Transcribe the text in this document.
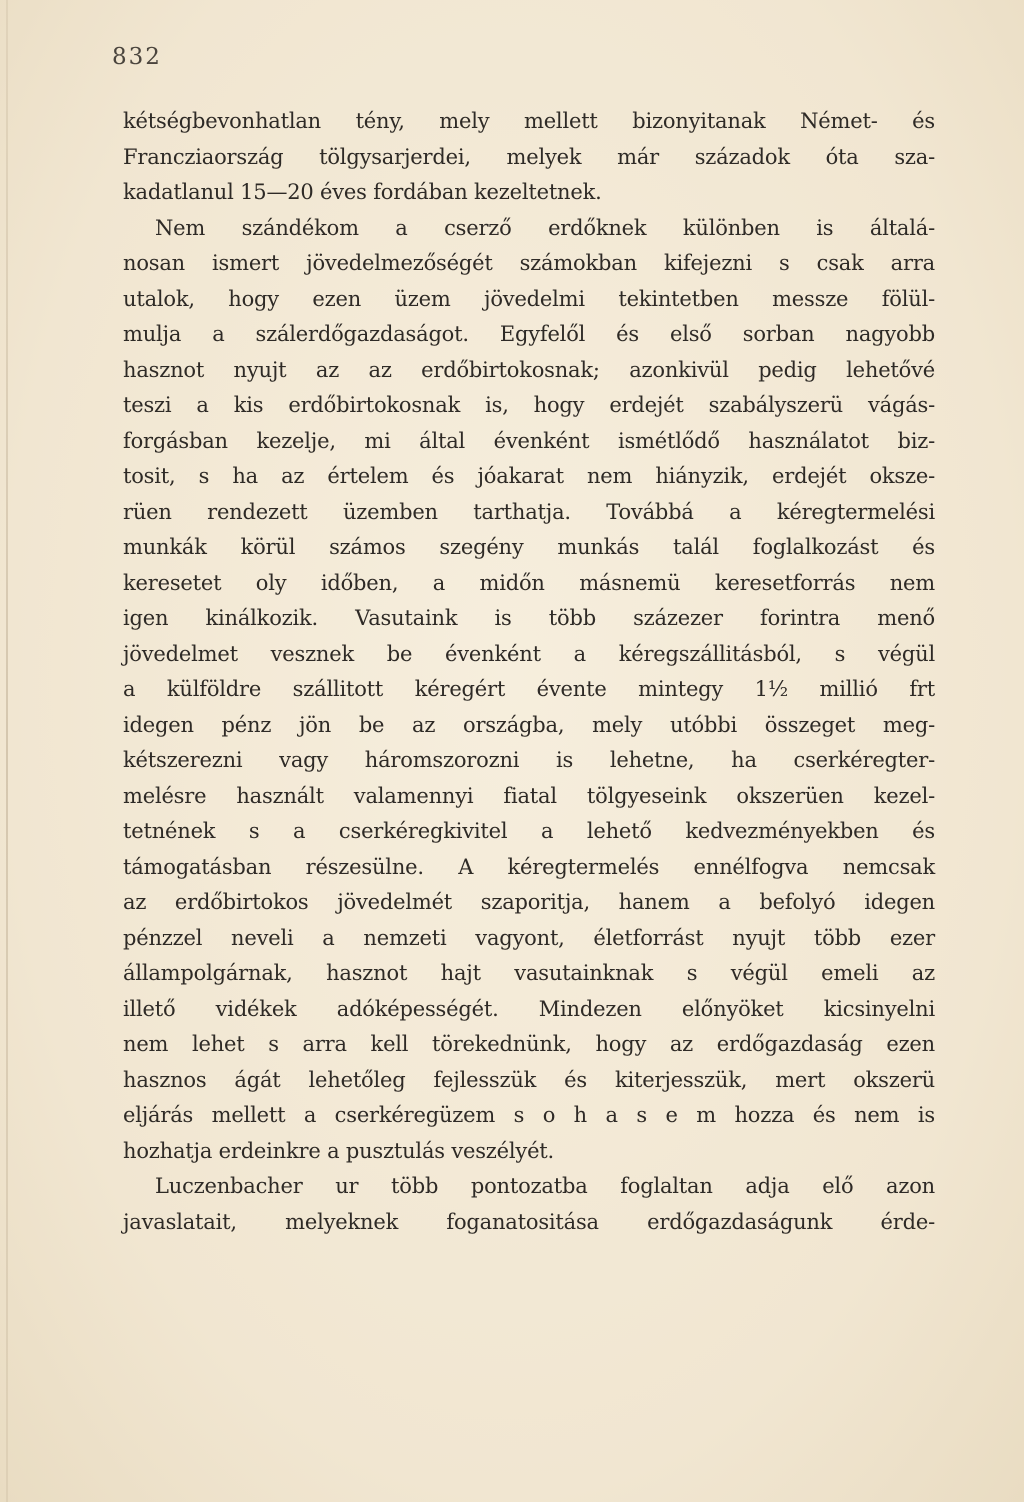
832
kétségbevonhatlan tény, mely mellett bizonyitanak Német- és
Francziaország tölgysarjerdei, melyek már századok óta sza-
kadatlanul 15—20 éves fordában kezeltetnek.
Nem szándékom a cserző erdőknek különben is általá-
nosan ismert jövedelmezőségét számokban kifejezni s csak arra
utalok, hogy ezen üzem jövedelmi tekintetben messze fölül-
mulja a szálerdőgazdaságot. Egyfelől és első sorban nagyobb
hasznot nyujt az az erdőbirtokosnak; azonkivül pedig lehetővé
teszi a kis erdőbirtokosnak is, hogy erdejét szabályszerü vágás-
forgásban kezelje, mi által évenként ismétlődő használatot biz-
tosit, s ha az értelem és jóakarat nem hiányzik, erdejét oksze-
rüen rendezett üzemben tarthatja. Továbbá a kéregtermelési
munkák körül számos szegény munkás talál foglalkozást és
keresetet oly időben, a midőn másnemü keresetforrás nem
igen kinálkozik. Vasutaink is több százezer forintra menő
jövedelmet vesznek be évenként a kéregszállitásból, s végül
a külföldre szállitott kéregért évente mintegy 1½ millió frt
idegen pénz jön be az országba, mely utóbbi összeget meg-
kétszerezni vagy háromszorozni is lehetne, ha cserkéregter-
melésre használt valamennyi fiatal tölgyeseink okszerüen kezel-
tetnének s a cserkéregkivitel a lehető kedvezményekben és
támogatásban részesülne. A kéregtermelés ennélfogva nemcsak
az erdőbirtokos jövedelmét szaporitja, hanem a befolyó idegen
pénzzel neveli a nemzeti vagyont, életforrást nyujt több ezer
állampolgárnak, hasznot hajt vasutainknak s végül emeli az
illető vidékek adóképességét. Mindezen előnyöket kicsinyelni
nem lehet s arra kell törekednünk, hogy az erdőgazdaság ezen
hasznos ágát lehetőleg fejlesszük és kiterjesszük, mert okszerü
eljárás mellett a cserkéregüzem s o h a s e m hozza és nem is
hozhatja erdeinkre a pusztulás veszélyét.
Luczenbacher ur több pontozatba foglaltan adja elő azon
javaslatait, melyeknek foganatositása erdőgazdaságunk érde-
